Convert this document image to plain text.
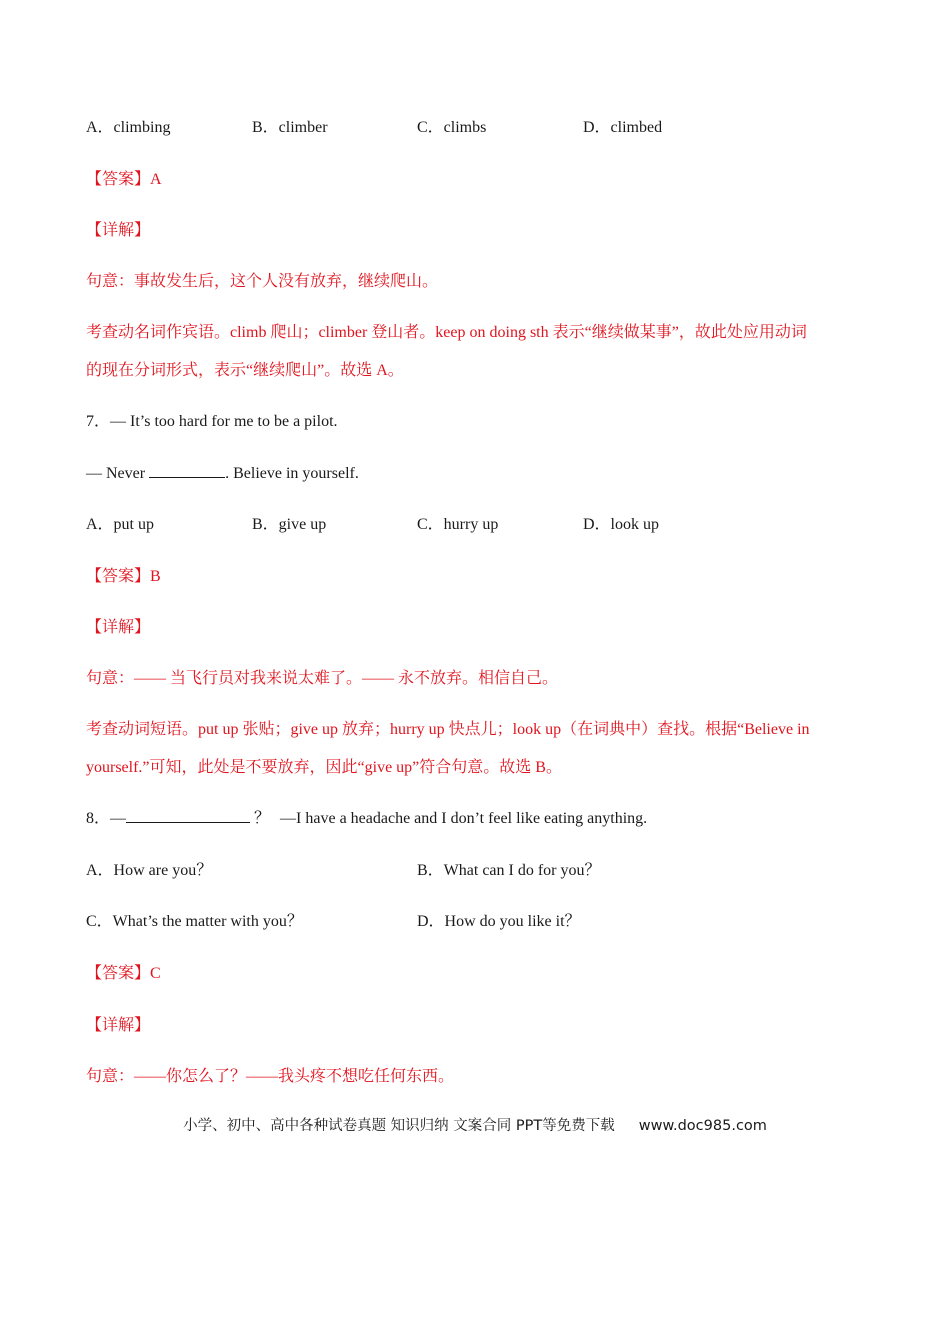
A．climbing	B．climber	C．climbs	D．climbed
【答案】A
【详解】
句意：事故发生后，这个人没有放弃，继续爬山。
考查动名词作宾语。climb 爬山；climber 登山者。keep on doing sth 表示“继续做某事”，故此处应用动词
的现在分词形式，表示“继续爬山”。故选 A。
7．— It’s too hard for me to be a pilot.
— Never	. Believe in yourself.
A．put up	B．give up	C．hurry up	D．look up
【答案】B
【详解】
句意：—— 当飞行员对我来说太难了。—— 永不放弃。相信自己。
考查动词短语。put up 张贴；give up 放弃；hurry up 快点儿；look up（在词典中）查找。根据“Believe in
yourself.”可知，此处是不要放弃，因此“give up”符合句意。故选 B。
8．—	？ —I have a headache and I don’t feel like eating anything.
A．How are you？	B．What can I do for you？
C．What’s the matter with you？	D．How do you like it？
【答案】C
【详解】
句意：——你怎么了？——我头疼不想吃任何东西。
小学、初中、高中各种试卷真题 知识归纳 文案合同 PPT等免费下载 www.doc985.com
